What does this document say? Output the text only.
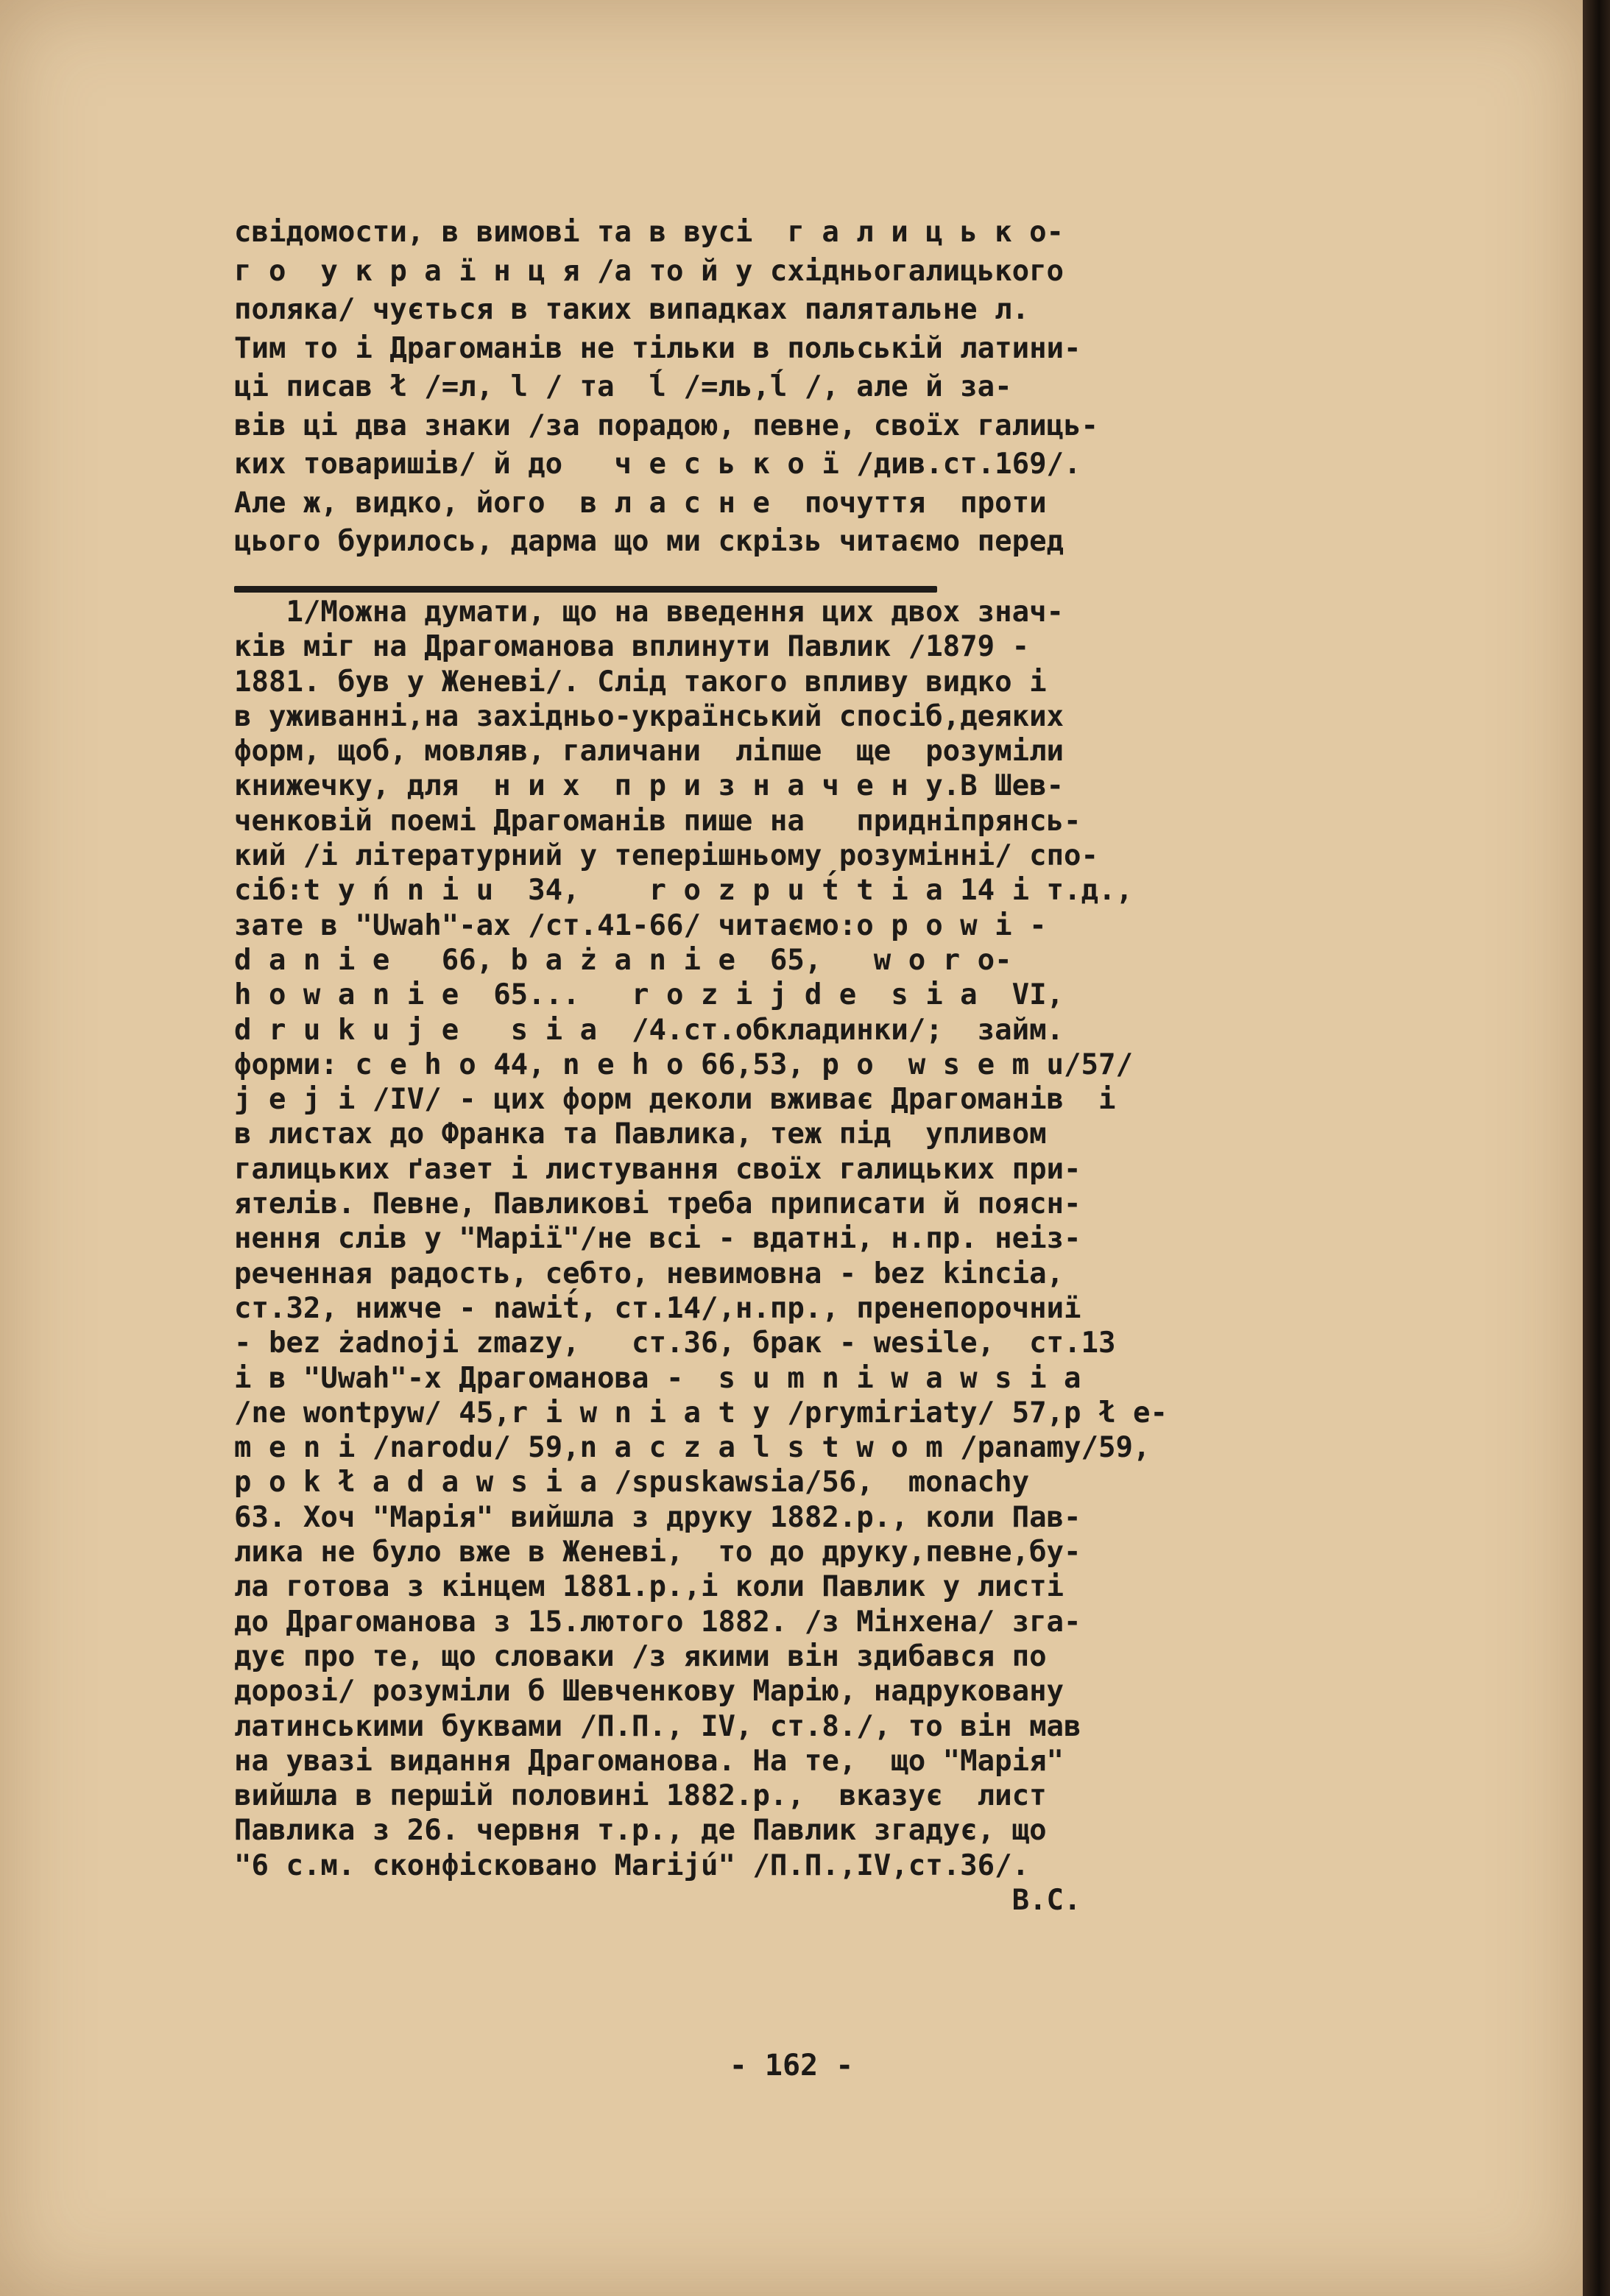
свідомости, в вимові та в вусі  г а л и ц ь к о-
г о  у к р а ї н ц я /а то й у східньогалицького
поляка/ чується в таких випадках палятальне л.
Тим то і Драгоманів не тільки в польській латини-
ці писав ł /=л, l / та  ĺ /=ль,ĺ /, але й за-
вів ці два знаки /за порадою, певне, своїх галиць-
ких товаришів/ й до   ч е с ь к о ї /див.ст.169/.
Але ж, видко, його  в л а с н е  почуття  проти
цього бурилось, дарма що ми скрізь читаємо перед
1/Можна думати, що на введення цих двох знач-
ків міг на Драгоманова вплинути Павлик /1879 -
1881. був у Женеві/. Слід такого впливу видко і
в уживанні,на західньо-український спосіб,деяких
форм, щоб, мовляв, галичани  ліпше  ще  розуміли
книжечку, для  н и х  п р и з н а ч е н у.В Шев-
ченковій поемі Драгоманів пише на   придніпрянсь-
кий /і літературний у теперішньому розумінні/ спо-
сіб:t y ń n i u  34,    r o z p u t́ t i a 14 і т.д.,
зате в "Uwah"-ах /ст.41-66/ читаємо:o p o w i -
d a n i e   66, b a ż a n i e  65,   w o r o-
h o w a n i e  65...   r o z i j d e  s i a  VI,
d r u k u j e   s i a  /4.ст.обкладинки/;  займ.
форми: c e h o 44, n e h o 66,53, p o  w s e m u/57/
j e j i /IV/ - цих форм деколи вживає Драгоманів  і
в листах до Франка та Павлика, теж під  упливом
галицьких ґазет і листування своїх галицьких при-
ятелів. Певне, Павликові треба приписати й поясн-
нення слів у "Марії"/не всі - вдатні, н.пр. неіз-
реченная радость, себто, невимовна - bez kincia,
ст.32, нижче - nawit́, ст.14/,н.пр., пренепорочниї
- bez żadnoji zmazy,   ст.36, брак - wesile,  ст.13
і в "Uwah"-х Драгоманова -  s u m n i w a w s i a
/ne wontpyw/ 45,r i w n i a t y /prymiriaty/ 57,p ł e-
m e n i /narodu/ 59,n a c z a l s t w o m /panamy/59,
p o k ł a d a w s i a /spuskawsia/56,  monachy
63. Хоч "Марія" вийшла з друку 1882.р., коли Пав-
лика не було вже в Женеві,  то до друку,певне,бу-
ла готова з кінцем 1881.р.,і коли Павлик у листі
до Драгоманова з 15.лютого 1882. /з Мінхена/ зга-
дує про те, що словаки /з якими він здибався по
дорозі/ розуміли б Шевченкову Марію, надруковану
латинськими буквами /П.П., IV, ст.8./, то він мав
на увазі видання Драгоманова. На те,  що "Марія"
вийшла в першій половині 1882.р.,  вказує  лист
Павлика з 26. червня т.р., де Павлик згадує, що
"6 с.м. сконфісковано Marijú" /П.П.,IV,ст.36/.
В.С.
- 162 -
